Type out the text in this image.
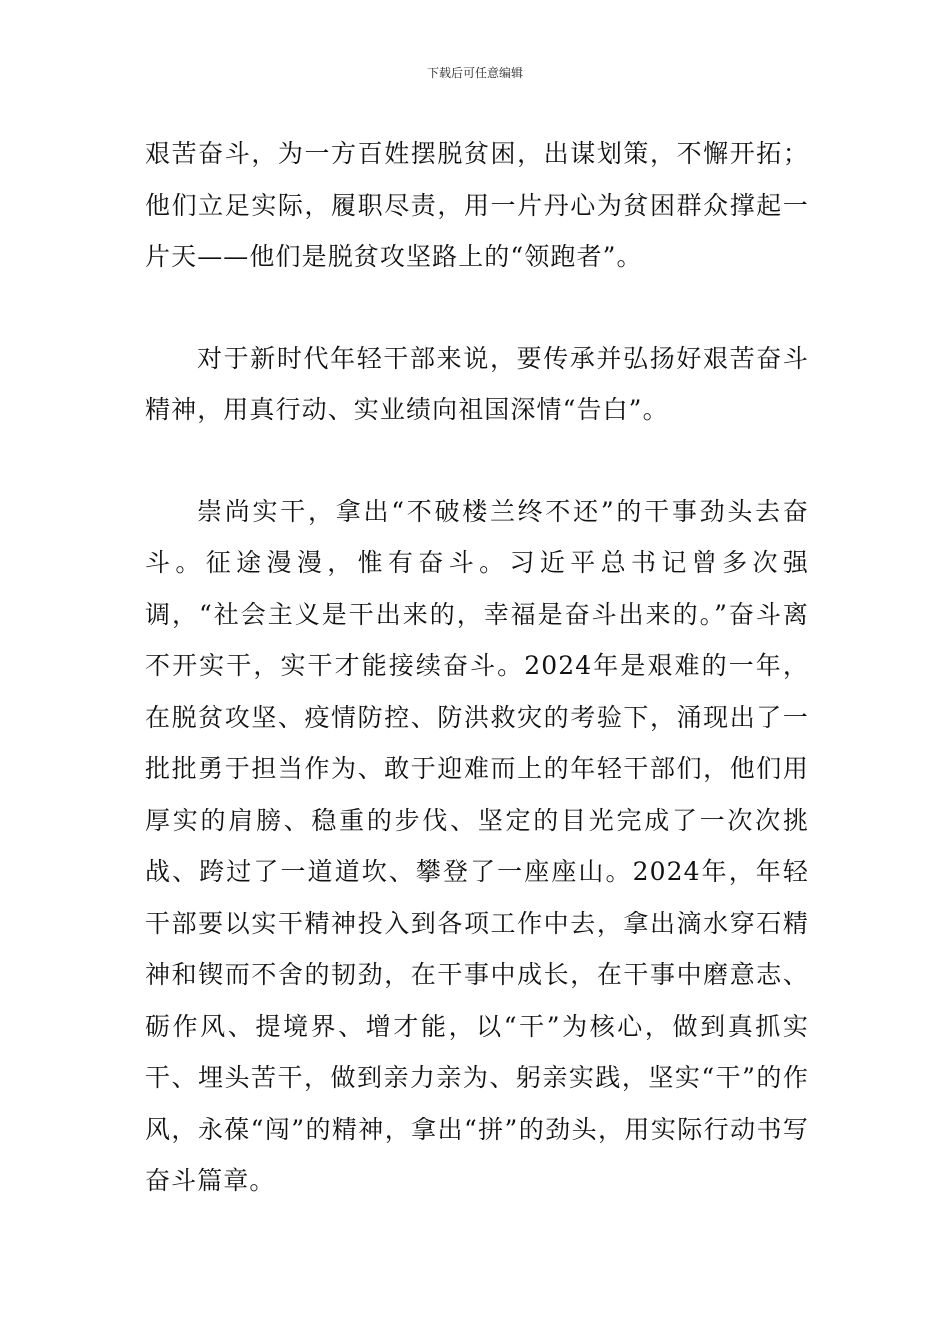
下载后可任意编辑

艰苦奋斗，为一方百姓摆脱贫困，出谋划策，不懈开拓；他们立足实际，履职尽责，用一片丹心为贫困群众撑起一片天——他们是脱贫攻坚路上的“领跑者”。

对于新时代年轻干部来说，要传承并弘扬好艰苦奋斗精神，用真行动、实业绩向祖国深情“告白”。

崇尚实干，拿出“不破楼兰终不还”的干事劲头去奋斗。征途漫漫，惟有奋斗。习近平总书记曾多次强调，“社会主义是干出来的，幸福是奋斗出来的。”奋斗离不开实干，实干才能接续奋斗。2024年是艰难的一年，在脱贫攻坚、疫情防控、防洪救灾的考验下，涌现出了一批批勇于担当作为、敢于迎难而上的年轻干部们，他们用厚实的肩膀、稳重的步伐、坚定的目光完成了一次次挑战、跨过了一道道坎、攀登了一座座山。2024年，年轻干部要以实干精神投入到各项工作中去，拿出滴水穿石精神和锲而不舍的韧劲，在干事中成长，在干事中磨意志、砺作风、提境界、增才能，以“干”为核心，做到真抓实干、埋头苦干，做到亲力亲为、躬亲实践，坚实“干”的作风，永葆“闯”的精神，拿出“拼”的劲头，用实际行动书写奋斗篇章。
